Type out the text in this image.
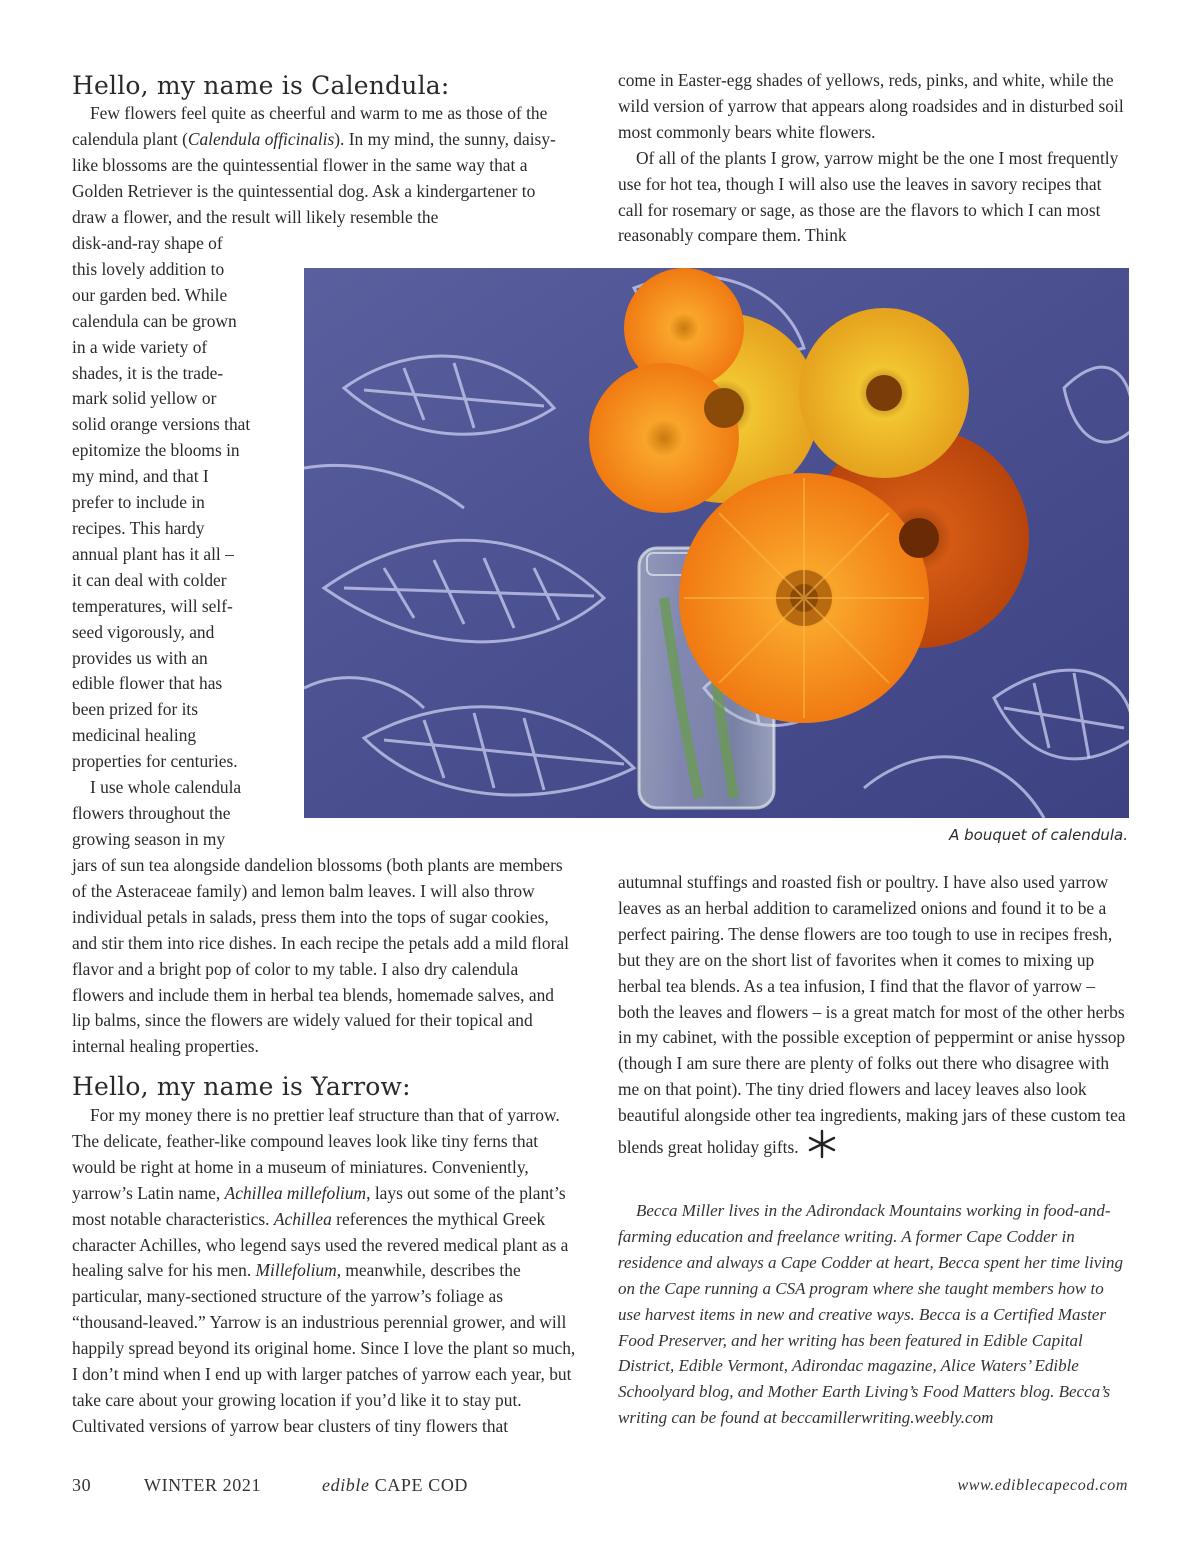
Hello, my name is Calendula:

Few flowers feel quite as cheerful and warm to me as those of the calendula plant (Calendula officinalis). In my mind, the sunny, daisy-like blossoms are the quintessential flower in the same way that a Golden Retriever is the quintessential dog. Ask a kindergartener to draw a flower, and the result will likely resemble the

disk-and-ray shape of
this lovely addition to
our garden bed. While
calendula can be grown
in a wide variety of
shades, it is the trade-
mark solid yellow or
solid orange versions that
epitomize the blooms in
my mind, and that I
prefer to include in
recipes. This hardy
annual plant has it all –
it can deal with colder
temperatures, will self-
seed vigorously, and
provides us with an
edible flower that has
been prized for its
medicinal healing
properties for centuries.
I use whole calendula
flowers throughout the
growing season in my

jars of sun tea alongside dandelion blossoms (both plants are members of the Asteraceae family) and lemon balm leaves. I will also throw individual petals in salads, press them into the tops of sugar cookies, and stir them into rice dishes. In each recipe the petals add a mild floral flavor and a bright pop of color to my table. I also dry calendula flowers and include them in herbal tea blends, homemade salves, and lip balms, since the flowers are widely valued for their topical and internal healing properties.

Hello, my name is Yarrow:

For my money there is no prettier leaf structure than that of yarrow. The delicate, feather-like compound leaves look like tiny ferns that would be right at home in a museum of miniatures. Conveniently, yarrow’s Latin name, Achillea millefolium, lays out some of the plant’s most notable characteristics. Achillea references the mythical Greek character Achilles, who legend says used the revered medical plant as a healing salve for his men. Millefolium, meanwhile, describes the particular, many-sectioned structure of the yarrow’s foliage as “thousand-leaved.” Yarrow is an industrious perennial grower, and will happily spread beyond its original home. Since I love the plant so much, I don’t mind when I end up with larger patches of yarrow each year, but take care about your growing location if you’d like it to stay put. Cultivated versions of yarrow bear clusters of tiny flowers that

come in Easter-egg shades of yellows, reds, pinks, and white, while the wild version of yarrow that appears along roadsides and in disturbed soil most commonly bears white flowers.

Of all of the plants I grow, yarrow might be the one I most frequently use for hot tea, though I will also use the leaves in savory recipes that call for rosemary or sage, as those are the flavors to which I can most reasonably compare them. Think

A bouquet of calendula.

autumnal stuffings and roasted fish or poultry. I have also used yarrow leaves as an herbal addition to caramelized onions and found it to be a perfect pairing. The dense flowers are too tough to use in recipes fresh, but they are on the short list of favorites when it comes to mixing up herbal tea blends. As a tea infusion, I find that the flavor of yarrow – both the leaves and flowers – is a great match for most of the other herbs in my cabinet, with the possible exception of peppermint or anise hyssop (though I am sure there are plenty of folks out there who disagree with me on that point). The tiny dried flowers and lacey leaves also look beautiful alongside other tea ingredients, making jars of these custom tea blends great holiday gifts.

Becca Miller lives in the Adirondack Mountains working in food-and-farming education and freelance writing. A former Cape Codder in residence and always a Cape Codder at heart, Becca spent her time living on the Cape running a CSA program where she taught members how to use harvest items in new and creative ways. Becca is a Certified Master Food Preserver, and her writing has been featured in Edible Capital District, Edible Vermont, Adirondac magazine, Alice Waters’ Edible Schoolyard blog, and Mother Earth Living’s Food Matters blog. Becca’s writing can be found at beccamillerwriting.weebly.com

30	WINTER 2021	edible CAPE COD	www.ediblecapecod.com
